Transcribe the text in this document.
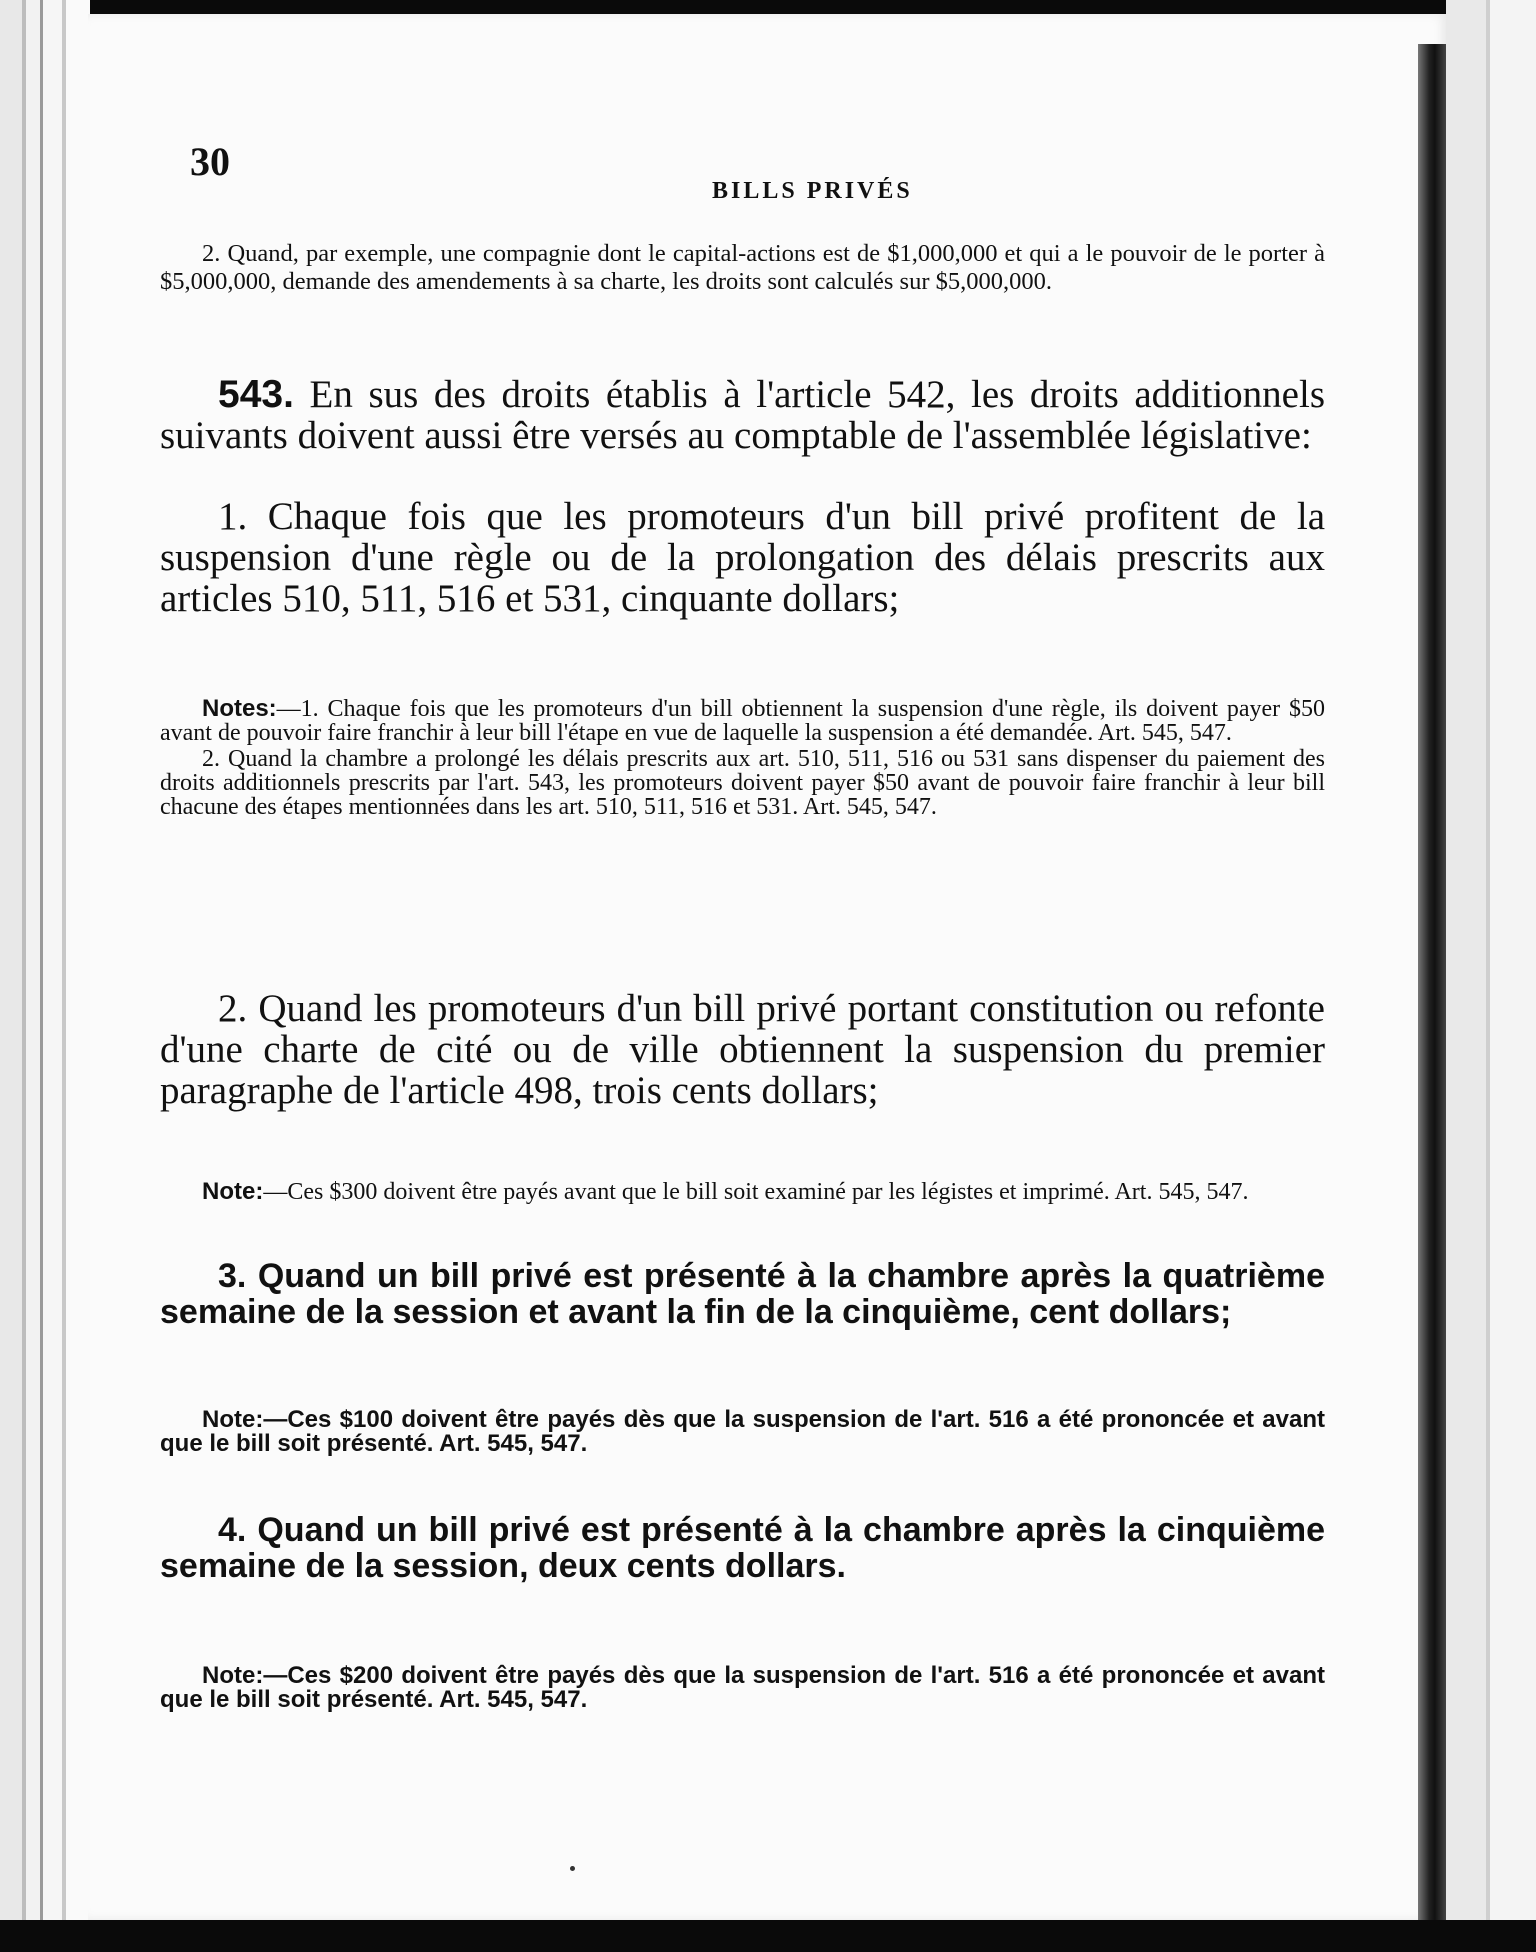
30
BILLS PRIVÉS

2. Quand, par exemple, une compagnie dont le capital-actions est de $1,000,000 et qui a le pouvoir de le porter à $5,000,000, demande des amendements à sa charte, les droits sont calculés sur $5,000,000.

543. En sus des droits établis à l'article 542, les droits additionnels suivants doivent aussi être versés au comptable de l'assemblée législative:

1. Chaque fois que les promoteurs d'un bill privé profitent de la suspension d'une règle ou de la prolongation des délais prescrits aux articles 510, 511, 516 et 531, cinquante dollars;

Notes:—1. Chaque fois que les promoteurs d'un bill obtiennent la suspension d'une règle, ils doivent payer $50 avant de pouvoir faire franchir à leur bill l'étape en vue de laquelle la suspension a été demandée. Art. 545, 547.

2. Quand la chambre a prolongé les délais prescrits aux art. 510, 511, 516 ou 531 sans dispenser du paiement des droits additionnels prescrits par l'art. 543, les promoteurs doivent payer $50 avant de pouvoir faire franchir à leur bill chacune des étapes mentionnées dans les art. 510, 511, 516 et 531. Art. 545, 547.

2. Quand les promoteurs d'un bill privé portant constitution ou refonte d'une charte de cité ou de ville obtiennent la suspension du premier paragraphe de l'article 498, trois cents dollars;

Note:—Ces $300 doivent être payés avant que le bill soit examiné par les légistes et imprimé. Art. 545, 547.

3. Quand un bill privé est présenté à la chambre après la quatrième semaine de la session et avant la fin de la cinquième, cent dollars;

Note:—Ces $100 doivent être payés dès que la suspension de l'art. 516 a été prononcée et avant que le bill soit présenté. Art. 545, 547.

4. Quand un bill privé est présenté à la chambre après la cinquième semaine de la session, deux cents dollars.

Note:—Ces $200 doivent être payés dès que la suspension de l'art. 516 a été prononcée et avant que le bill soit présenté. Art. 545, 547.
